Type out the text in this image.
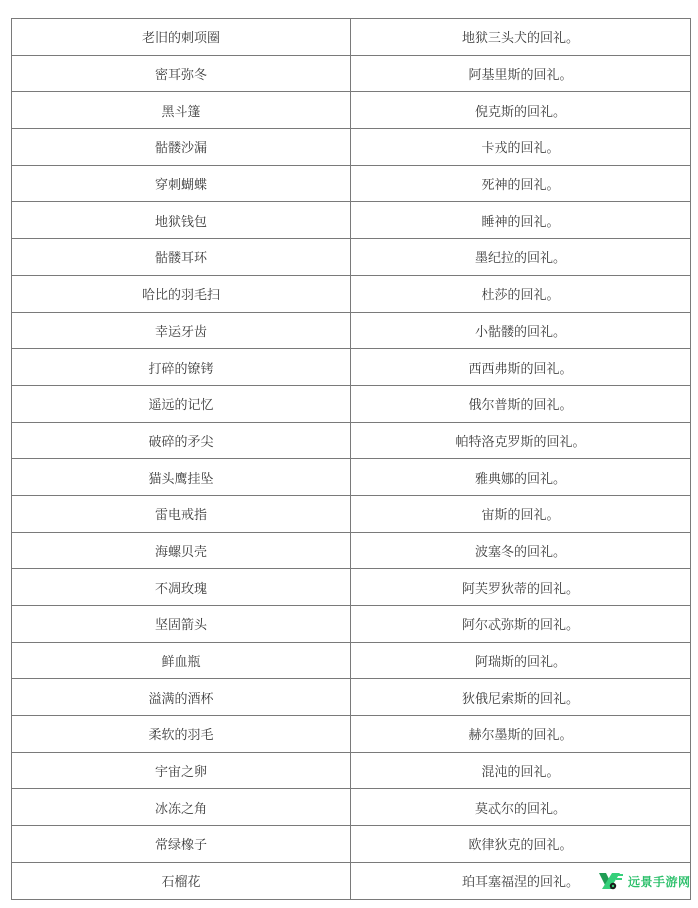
老旧的刺项圈	地狱三头犬的回礼。
密耳弥冬	阿基里斯的回礼。
黑斗篷	倪克斯的回礼。
骷髅沙漏	卡戎的回礼。
穿刺蝴蝶	死神的回礼。
地狱钱包	睡神的回礼。
骷髅耳环	墨纪拉的回礼。
哈比的羽毛扫	杜莎的回礼。
幸运牙齿	小骷髅的回礼。
打碎的镣铐	西西弗斯的回礼。
遥远的记忆	俄尔普斯的回礼。
破碎的矛尖	帕特洛克罗斯的回礼。
猫头鹰挂坠	雅典娜的回礼。
雷电戒指	宙斯的回礼。
海螺贝壳	波塞冬的回礼。
不凋玫瑰	阿芙罗狄蒂的回礼。
坚固箭头	阿尔忒弥斯的回礼。
鲜血瓶	阿瑞斯的回礼。
溢满的酒杯	狄俄尼索斯的回礼。
柔软的羽毛	赫尔墨斯的回礼。
宇宙之卵	混沌的回礼。
冰冻之角	莫忒尔的回礼。
常绿橡子	欧律狄克的回礼。
石榴花	珀耳塞福涅的回礼。	远景手游网
